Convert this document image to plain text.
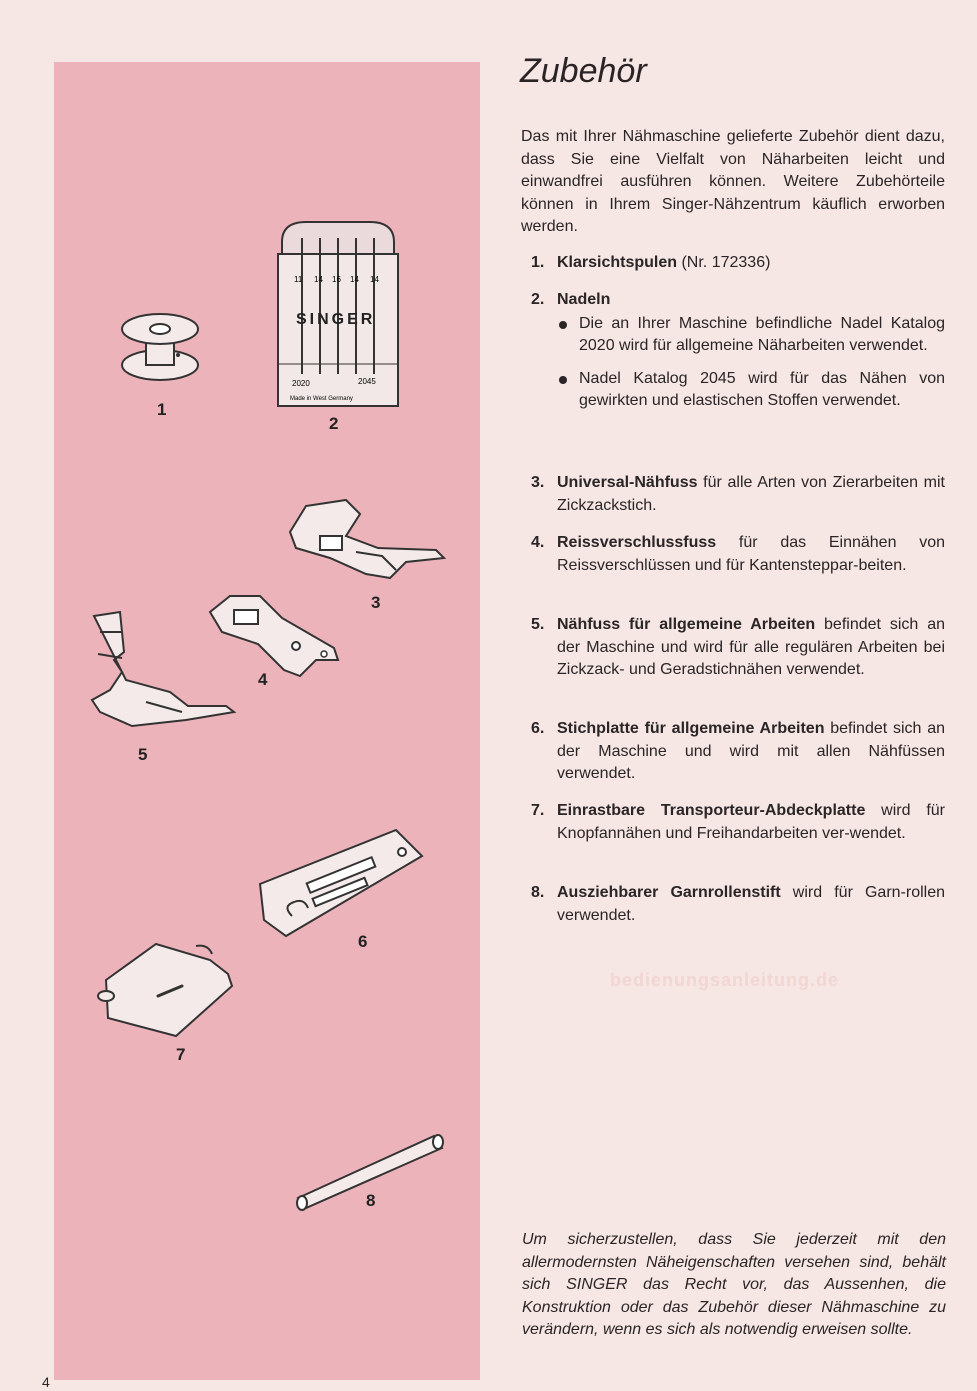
1
11 14 16 14 14
SINGER
2020	2045
Made in West Germany
2
3
4
5
6
7
8
bedienungsanleitung.de
Zubehör

Das mit Ihrer Nähmaschine gelieferte Zubehör dient dazu, dass Sie eine Vielfalt von Näharbeiten leicht und einwandfrei ausführen können. Weitere Zubehörteile können in Ihrem Singer-Nähzentrum käuflich erworben werden.

1. Klarsichtspulen (Nr. 172336)
2. Nadeln
Die an Ihrer Maschine befindliche Nadel Katalog 2020 wird für allgemeine Näharbeiten verwendet.
Nadel Katalog 2045 wird für das Nähen von gewirkten und elastischen Stoffen verwendet.
3. Universal-Nähfuss für alle Arten von Zierarbeiten mit Zickzackstich.
4. Reissverschlussfuss für das Einnähen von Reissverschlüssen und für Kantensteppar-beiten.
5. Nähfuss für allgemeine Arbeiten befindet sich an der Maschine und wird für alle regulären Arbeiten bei Zickzack- und Geradstichnähen verwendet.
6. Stichplatte für allgemeine Arbeiten befindet sich an der Maschine und wird mit allen Nähfüssen verwendet.
7. Einrastbare Transporteur-Abdeckplatte wird für Knopfannähen und Freihandarbeiten ver-wendet.
8. Ausziehbarer Garnrollenstift wird für Garn-rollen verwendet.

Um sicherzustellen, dass Sie jederzeit mit den allermodernsten Näheigenschaften versehen sind, behält sich SINGER das Recht vor, das Aussenhen, die Konstruktion oder das Zubehör dieser Nähmaschine zu verändern, wenn es sich als notwendig erweisen sollte.

4
